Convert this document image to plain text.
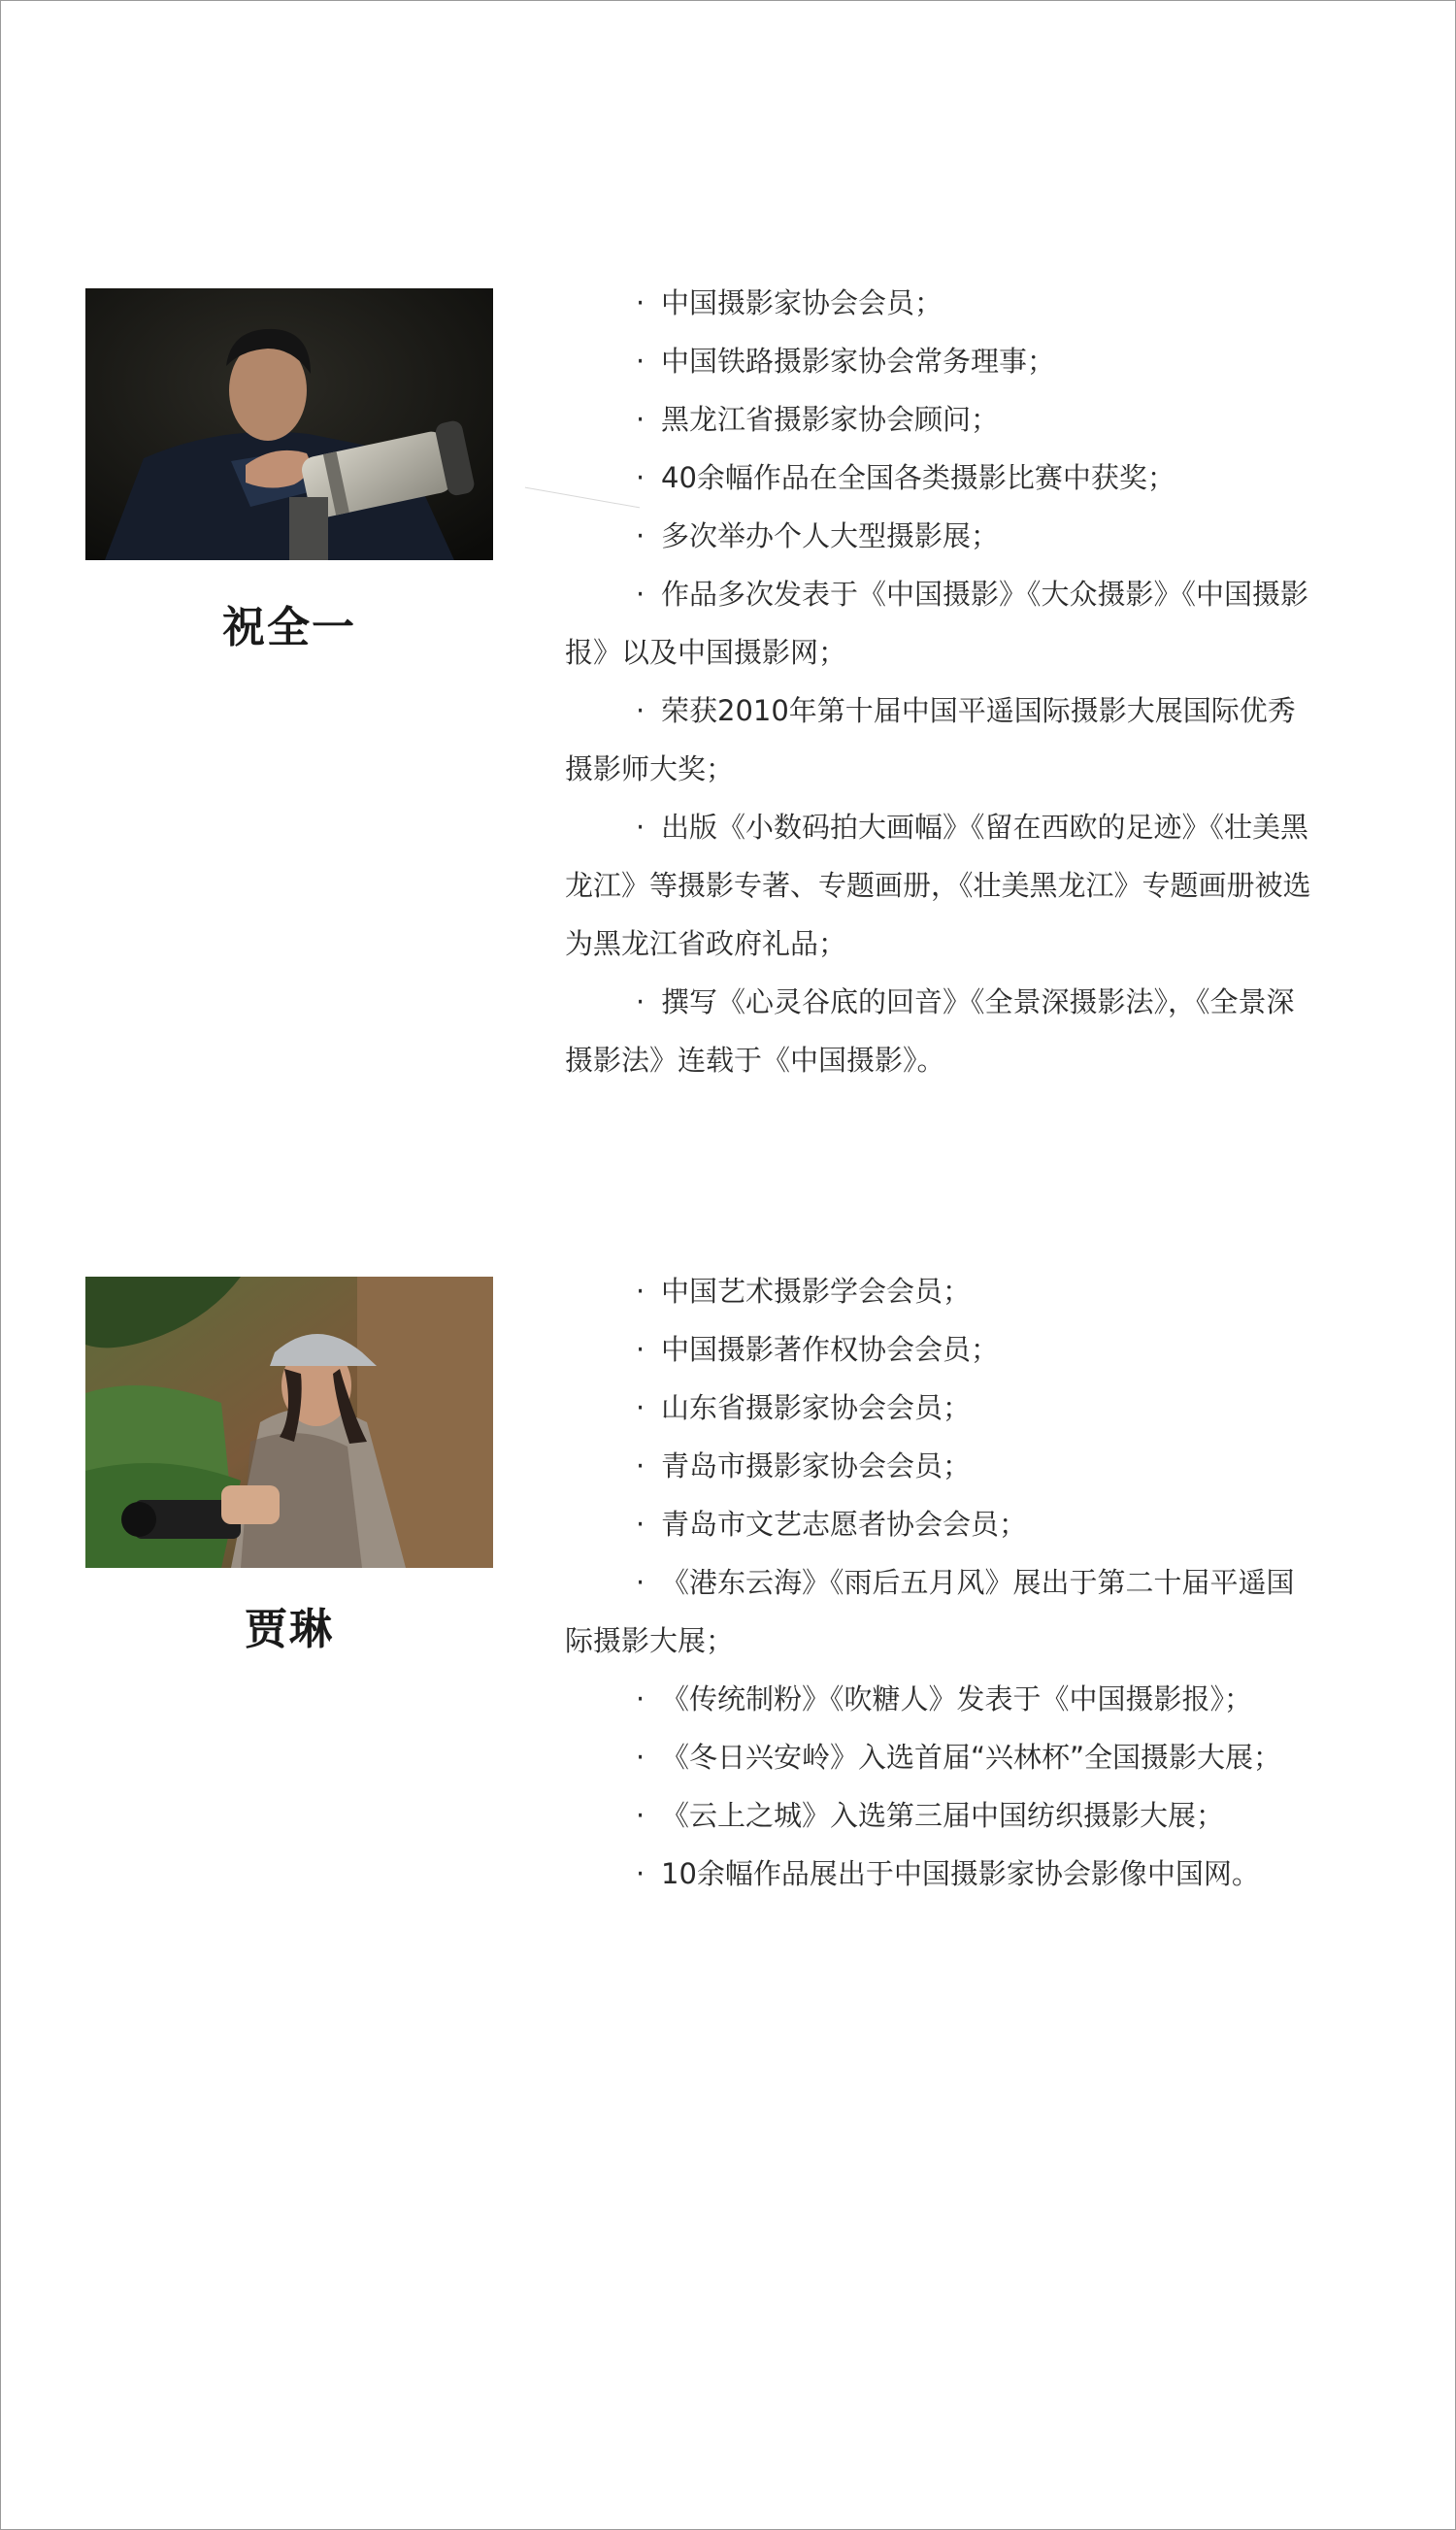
祝全一
· 中国摄影家协会会员；
· 中国铁路摄影家协会常务理事；
· 黑龙江省摄影家协会顾问；
· 40余幅作品在全国各类摄影比赛中获奖；
· 多次举办个人大型摄影展；
· 作品多次发表于《中国摄影》《大众摄影》《中国摄影报》以及中国摄影网；
· 荣获2010年第十届中国平遥国际摄影大展国际优秀摄影师大奖；
· 出版《小数码拍大画幅》《留在西欧的足迹》《壮美黑龙江》等摄影专著、专题画册，《壮美黑龙江》专题画册被选为黑龙江省政府礼品；
· 撰写《心灵谷底的回音》《全景深摄影法》，《全景深摄影法》连载于《中国摄影》。
贾琳
· 中国艺术摄影学会会员；
· 中国摄影著作权协会会员；
· 山东省摄影家协会会员；
· 青岛市摄影家协会会员；
· 青岛市文艺志愿者协会会员；
· 《港东云海》《雨后五月风》展出于第二十届平遥国际摄影大展；
· 《传统制粉》《吹糖人》发表于《中国摄影报》；
· 《冬日兴安岭》入选首届“兴林杯”全国摄影大展；
· 《云上之城》入选第三届中国纺织摄影大展；
· 10余幅作品展出于中国摄影家协会影像中国网。
